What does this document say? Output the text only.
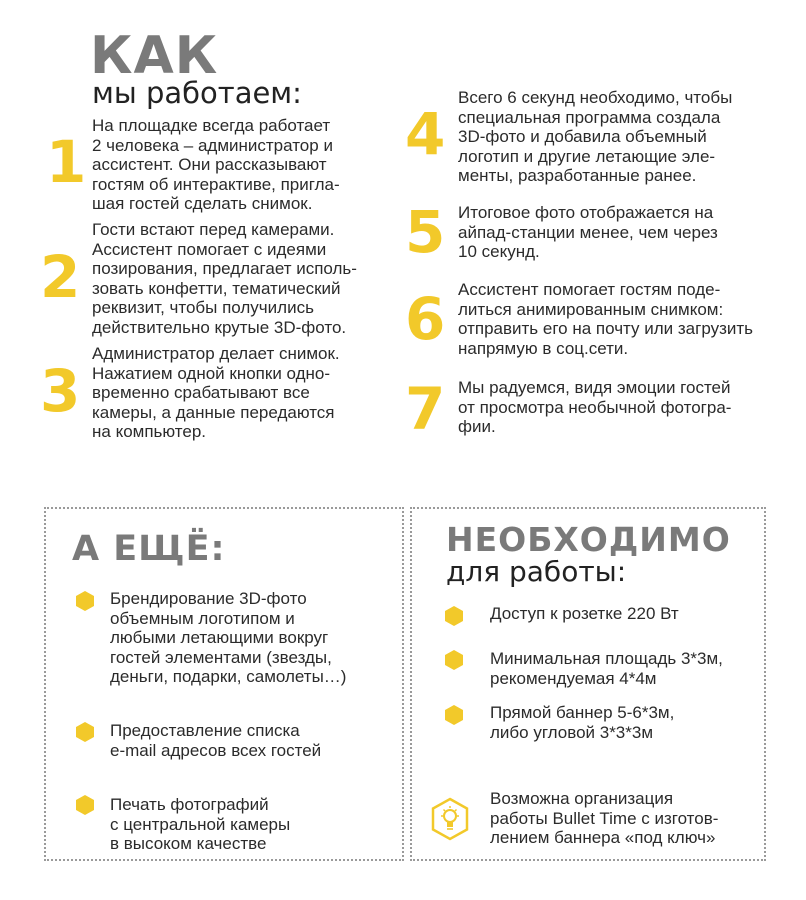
КАК
мы работаем:
1
На площадке всегда работает
2 человека – администратор и
ассистент. Они рассказывают
гостям об интерактиве, пригла-
шая гостей сделать снимок.
2
Гости встают перед камерами.
Ассистент помогает с идеями
позирования, предлагает исполь-
зовать конфетти, тематический
реквизит, чтобы получились
действительно крутые 3D-фото.
3
Администратор делает снимок.
Нажатием одной кнопки одно-
временно срабатывают все
камеры, а данные передаются
на компьютер.
4
Всего 6 секунд необходимо, чтобы
специальная программа создала
3D-фото и добавила объемный
логотип и другие летающие эле-
менты, разработанные ранее.
5 Итоговое фото отображается на
айпад-станции менее, чем через
10 секунд.
6 Ассистент помогает гостям поде-
литься анимированным снимком:
отправить его на почту или загрузить
напрямую в соц.сети.
7 Мы радуемся, видя эмоции гостей
от просмотра необычной фотогра-
фии.
А ЕЩЁ:
Брендирование 3D-фото
объемным логотипом и
любыми летающими вокруг
гостей элементами (звезды,
деньги, подарки, самолеты…)
Предоставление списка
e-mail адресов всех гостей
Печать фотографий
с центральной камеры
в высоком качестве
НЕОБХОДИМО
для работы:
Доступ к розетке 220 Вт
Минимальная площадь 3*3м,
рекомендуемая 4*4м
Прямой баннер 5-6*3м,
либо угловой 3*3*3м
Возможна организация
работы Bullet Time с изготов-
лением баннера «под ключ»
